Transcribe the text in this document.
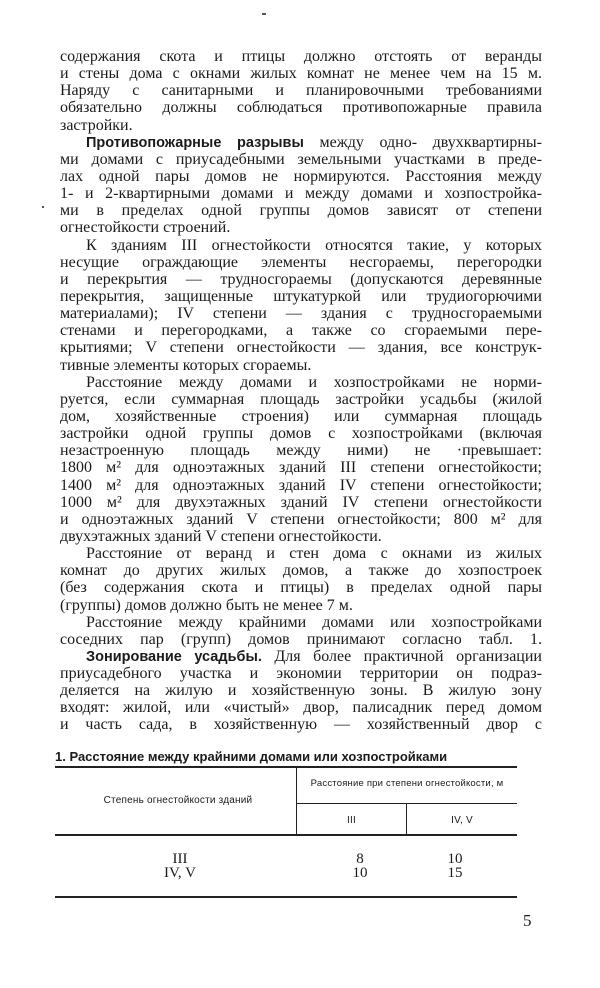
содержания скота и птицы должно отстоять от веранды
и стены дома с окнами жилых комнат не менее чем на 15 м.
Наряду с санитарными и планировочными требованиями
обязательно должны соблюдаться противопожарные правила
застройки.
Противопожарные разрывы между одно- двухквартирны-
ми домами с приусадебными земельными участками в преде-
лах одной пары домов не нормируются. Расстояния между
1- и 2-квартирными домами и между домами и хозпостройка-
ми в пределах одной группы домов зависят от степени
огнестойкости строений.
К зданиям III огнестойкости относятся такие, у которых
несущие ограждающие элементы несгораемы, перегородки
и перекрытия — трудносгораемы (допускаются деревянные
перекрытия, защищенные штукатуркой или трудиогорючими
материалами); IV степени — здания с трудносгораемыми
стенами и перегородками, а также со сгораемыми пере-
крытиями; V степени огнестойкости — здания, все конструк-
тивные элементы которых сгораемы.
Расстояние между домами и хозпостройками не норми-
руется, если суммарная площадь застройки усадьбы (жилой
дом, хозяйственные строения) или суммарная площадь
застройки одной группы домов с хозпостройками (включая
незастроенную площадь между ними) не ·превышает:
1800 м² для одноэтажных зданий III степени огнестойкости;
1400 м² для одноэтажных зданий IV степени огнестойкости;
1000 м² для двухэтажных зданий IV степени огнестойкости
и одноэтажных зданий V степени огнестойкости; 800 м² для
двухэтажных зданий V степени огнестойкости.
Расстояние от веранд и стен дома с окнами из жилых
комнат до других жилых домов, а также до хозпостроек
(без содержания скота и птицы) в пределах одной пары
(группы) домов должно быть не менее 7 м.
Расстояние между крайними домами или хозпостройками
соседних пар (групп) домов принимают согласно табл. 1.
Зонирование усадьбы. Для более практичной организации
приусадебного участка и экономии территории он подраз-
деляется на жилую и хозяйственную зоны. В жилую зону
входят: жилой, или «чистый» двор, палисадник перед домом
и часть сада, в хозяйственную — хозяйственный двор с
1. Расстояние между крайними домами или хозпостройками
Степень огнестойкости зданий
Расстояние при степени огнестойкости, м
III	IV, V
III	8	10
IV, V	10	15
5
